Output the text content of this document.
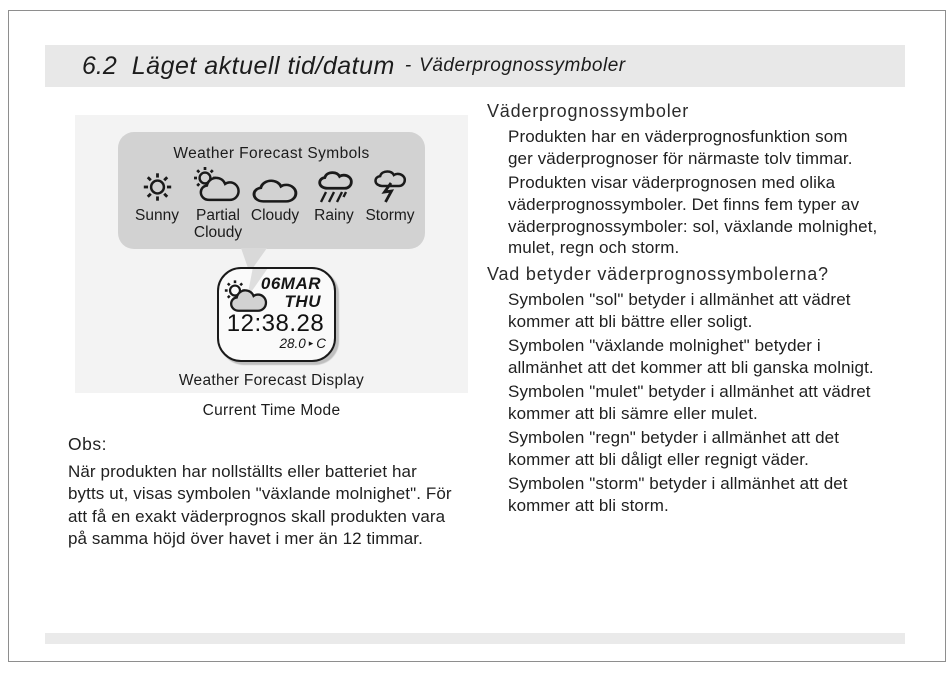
6.2 Läget aktuell tid/datum - Väderprognossymboler
Weather Forecast Symbols
Sunny	Partial Cloudy
Cloudy Rainy Stormy
06MAR
THU
12:38.28
28.0 ▸ C
Weather Forecast Display
Current Time Mode
Obs:
När produkten har nollställts eller batteriet har
bytts ut, visas symbolen "växlande molnighet". För
att få en exakt väderprognos skall produkten vara
på samma höjd över havet i mer än 12 timmar.
Väderprognossymboler
Produkten har en väderprognosfunktion som
ger väderprognoser för närmaste tolv timmar.
Produkten visar väderprognosen med olika
väderprognossymboler. Det finns fem typer av
väderprognossymboler: sol, växlande molnighet,
mulet, regn och storm.
Vad betyder väderprognossymbolerna?
Symbolen "sol" betyder i allmänhet att vädret
kommer att bli bättre eller soligt.
Symbolen "växlande molnighet" betyder i
allmänhet att det kommer att bli ganska molnigt.
Symbolen "mulet" betyder i allmänhet att vädret
kommer att bli sämre eller mulet.
Symbolen "regn" betyder i allmänhet att det
kommer att bli dåligt eller regnigt väder.
Symbolen "storm" betyder i allmänhet att det
kommer att bli storm.
